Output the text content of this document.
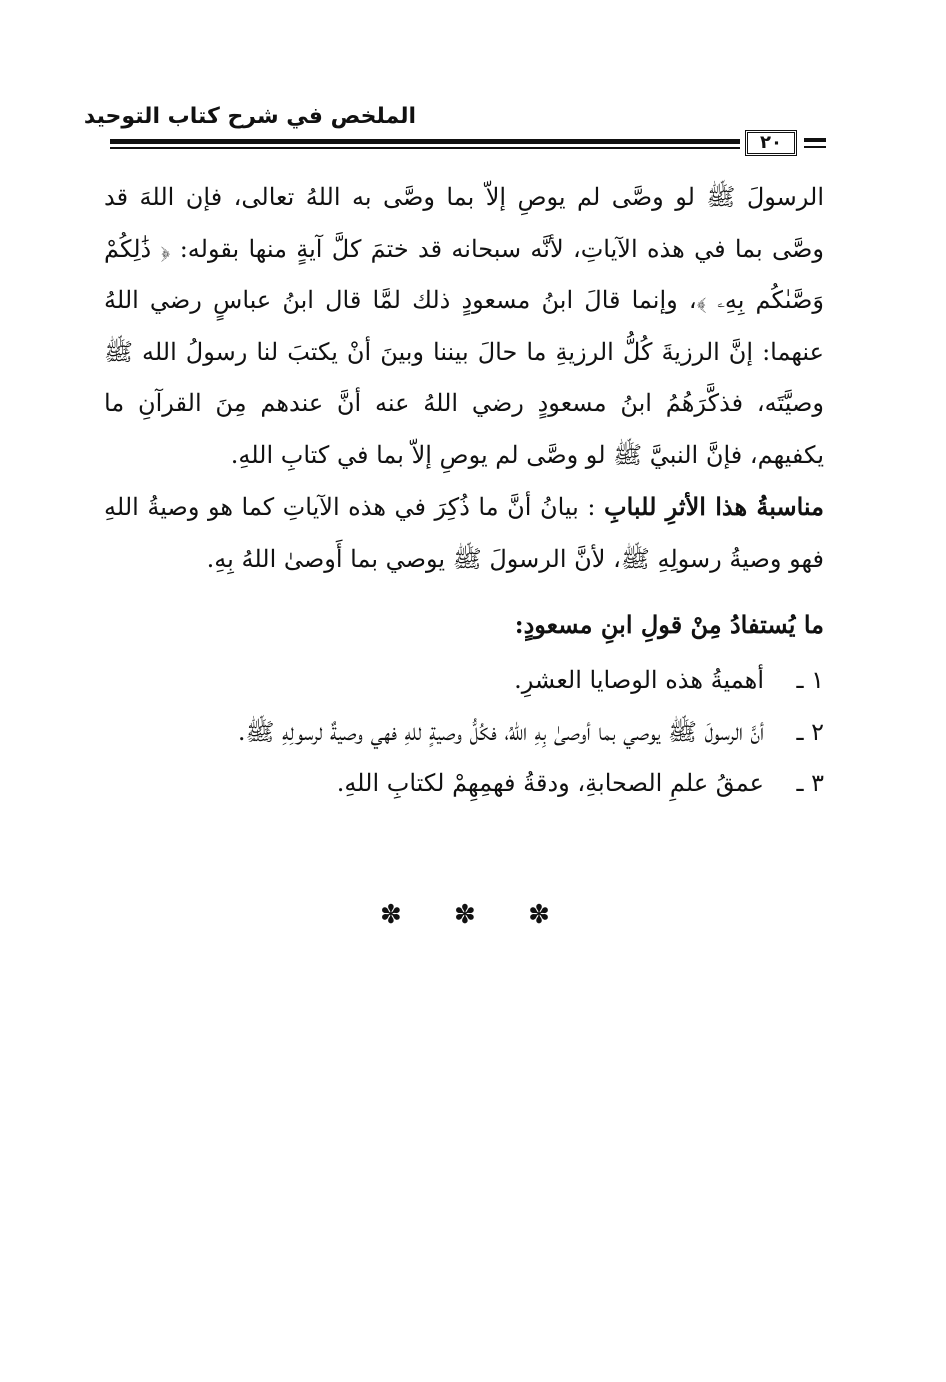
الملخص في شرح كتاب التوحيد
٢٠

الرسولَ ﷺ لو وصَّى لم يوصِ إلاّ بما وصَّى به اللهُ تعالى، فإن اللهَ قد وصَّى بما في هذه الآياتِ، لأنَّه سبحانه قد ختمَ كلَّ آيةٍ منها بقوله: ﴿ ذَٰلِكُمْ وَصَّىٰكُم بِهِۦ ﴾، وإنما قالَ ابنُ مسعودٍ ذلك لمَّا قال ابنُ عباسٍ رضي اللهُ عنهما: إنَّ الرزيةَ كُلُّ الرزيةِ ما حالَ بيننا وبينَ أنْ يكتبَ لنا رسولُ الله ﷺ وصيَّتَه، فذكَّرَهُمُ ابنُ مسعودٍ رضي اللهُ عنه أنَّ عندهم مِنَ القرآنِ ما يكفيهم، فإنَّ النبيَّ ﷺ لو وصَّى لم يوصِ إلاّ بما في كتابِ اللهِ.

مناسبةُ هذا الأثرِ للبابِ : بيانُ أنَّ ما ذُكِرَ في هذه الآياتِ كما هو وصيةُ اللهِ فهو وصيةُ رسولِهِ ﷺ، لأنَّ الرسولَ ﷺ يوصي بما أَوصىٰ اللهُ بِهِ.

ما يُستفادُ مِنْ قولِ ابنِ مسعودٍ:
١ ـ
أهميةُ هذه الوصايا العشرِ.
٢ ـ
أنَّ الرسولَ ﷺ يوصي بما أوصىٰ بِهِ اللهُ، فكُلُّ وصيةٍ للهِ فهي وصيةٌ لرسولِهِ ﷺ.
٣ ـ
عمقُ علمِ الصحابةِ، ودقةُ فهمِهِمْ لكتابِ اللهِ.
✽ ✽ ✽
